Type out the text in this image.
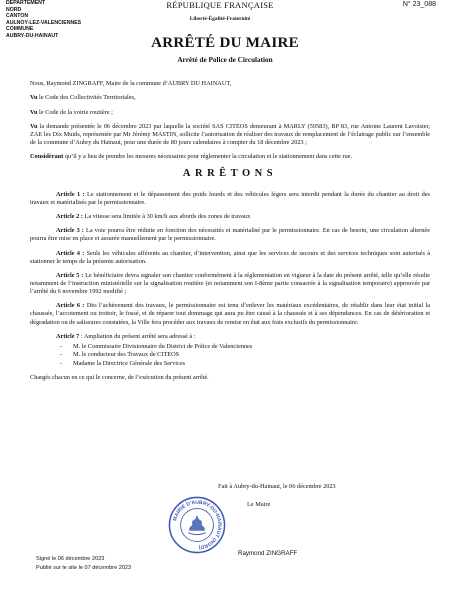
DÉPARTEMENT
NORD
CANTON
AULNOY-LEZ-VALENCIENNES
COMMUNE
AUBRY-DU-HAINAUT
RÉPUBLIQUE FRANÇAISE
Liberté-Égalité-Fraternité
N° 23_088
ARRÊTÉ DU MAIRE
Arrêté de Police de Circulation

Nous, Raymond ZINGRAFF, Maire de la commune d’AUBRY DU HAINAUT,

Vu le Code des Collectivités Territoriales,

Vu le Code de la voirie routière ;

Vu la demande présentée le 06 décembre 2023 par laquelle la société SAS CITEOS demeurant à MARLY (59583), BP 83, rue Antoine Laurent Lavoisier, ZAE les Dix Muids, représentée par Mr Jérémy MASTIN, sollicite l’autorisation de réaliser des travaux de remplacement de l’éclairage public sur l’ensemble de la commune d’Aubry du Hainaut, pour une durée de 80 jours calendaires à compter du 18 décembre 2023 ;

Considérant qu’il y a lieu de prendre les mesures nécessaires pour réglementer la circulation et le stationnement dans cette rue.

ARRÊTONS

Article 1 : Le stationnement et le dépassement des poids lourds et des véhicules légers sera interdit pendant la durée du chantier au droit des travaux et matérialisés par le permissionnaire.

Article 2 : La vitesse sera limitée à 30 km/h aux abords des zones de travaux

Article 3 : La voie pourra être réduite en fonction des nécessités et matérialisé par le permissionnaire. En cas de besoin, une circulation alternée pourra être mise en place et assurée manuellement par le permissionnaire.

Article 4 : Seuls les véhicules afférents au chantier, d’intervention, ainsi que les services de secours et des services techniques sont autorisés à stationner le temps de la présente autorisation.

Article 5 : Le bénéficiaire devra signaler son chantier conformément à la réglementation en vigueur à la date du présent arrêté, telle qu’elle résulte notamment de l’instruction ministérielle sur la signalisation routière (et notamment son I-8ème partie consacrée à la signalisation temporaire) approuvée par l’arrêté du 6 novembre 1992 modifié ;

Article 6 : Dès l’achèvement des travaux, le permissionnaire est tenu d’enlever les matériaux excédentaires, de rétablir dans leur état initial la chaussée, l’accotement ou trottoir, le fossé, et de réparer tout dommage qui aura pu être causé à la chaussée et à ses dépendances. En cas de détérioration et dégradation ou de salissures constatées, la Ville fera procéder aux travaux de remise en état aux frais exclusifs du permissionnaire.

Article 7 : Ampliation du présent arrêté sera adressé à :

- M. le Commissaire Divisionnaire du District de Police de Valenciennes
- M. le conducteur des Travaux de CITEOS
- Madame la Directrice Générale des Services

Chargés chacun en ce qui le concerne, de l’exécution du présent arrêté.

Fait à Aubry-du-Hainaut, le 06 décembre 2023
Le Maire
MAIRIE D'AUBRY-DU-HAINAUT (NORD)
Raymond ZINGRAFF
Signé le 06 décembre 2023
Publié sur le site le 07 décembre 2023
